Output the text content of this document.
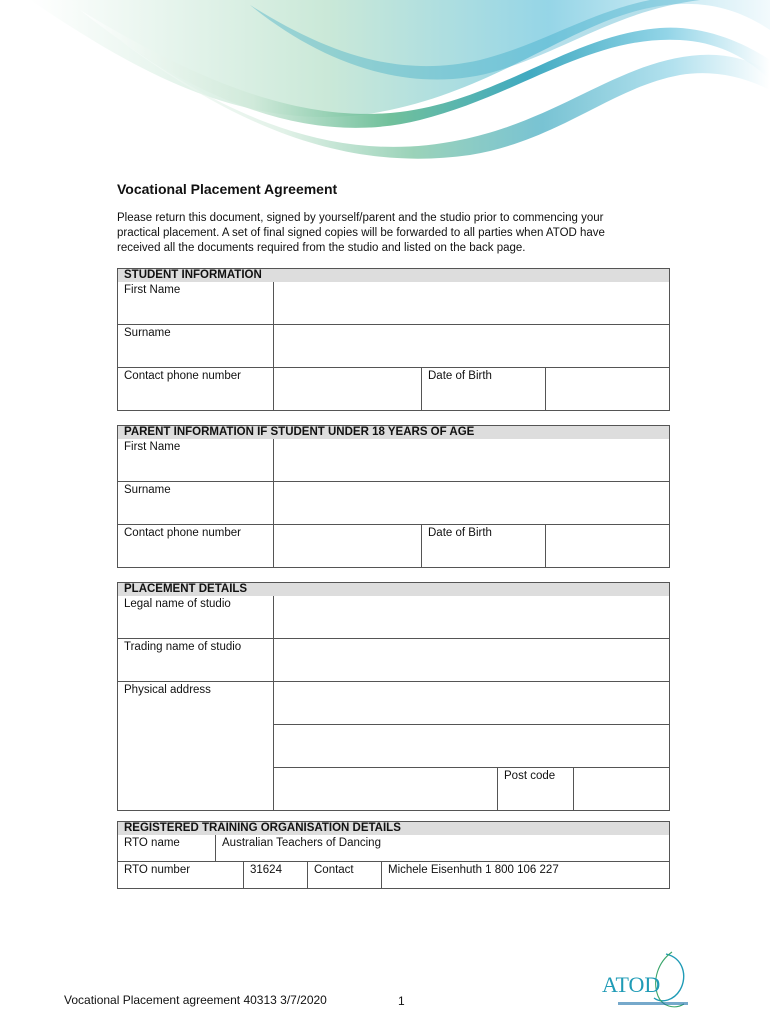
Vocational Placement Agreement
Please return this document, signed by yourself/parent and the studio prior to commencing your
practical placement. A set of final signed copies will be forwarded to all parties when ATOD have
received all the documents required from the studio and listed on the back page.
STUDENT INFORMATION			
First Name			
Surname			
Contact phone number		Date of Birth	
PARENT INFORMATION IF STUDENT UNDER 18 YEARS OF AGE			
First Name			
Surname			
Contact phone number		Date of Birth	
PLACEMENT DETAILS			
Legal name of studio			
Trading name of studio			
Physical address			

		Post code	
REGISTERED TRAINING ORGANISATION DETAILS				
RTO name	Australian Teachers of Dancing			
RTO number		31624	Contact	Michele Eisenhuth 1 800 106 227
Vocational Placement agreement 40313 3/7/2020	1
ATOD
